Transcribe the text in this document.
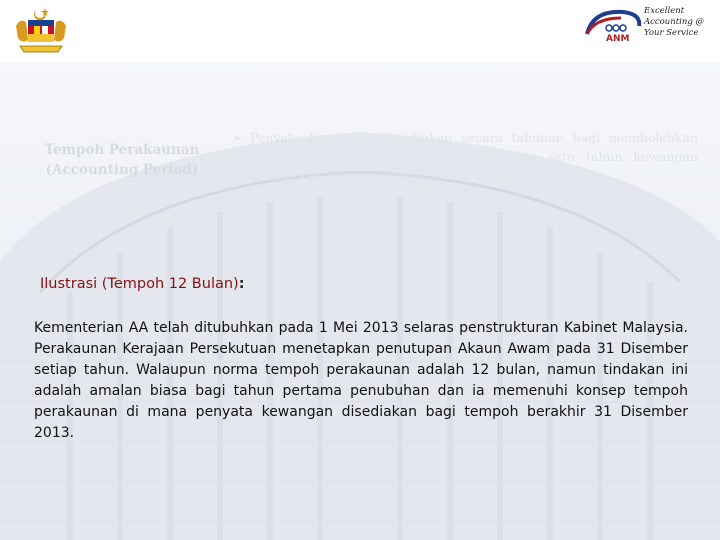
ANM
Excellent
Accounting @
Your Service
Tempoh Perakaunan
(Accounting Period)
➢ Penyata Kewangan disediakan secara tahunan bagi membolehkan prestasi diukur dan dibandingkan antara satu tahun kewangan dengan tahun kewangan yang lain
Ilustrasi (Tempoh 12 Bulan):
Kementerian AA telah ditubuhkan pada 1 Mei 2013 selaras penstrukturan Kabinet Malaysia. Perakaunan Kerajaan Persekutuan menetapkan penutupan Akaun Awam pada 31 Disember setiap tahun. Walaupun norma tempoh perakaunan adalah 12 bulan, namun tindakan ini adalah amalan biasa bagi tahun pertama penubuhan dan ia memenuhi konsep tempoh perakaunan di mana penyata kewangan disediakan bagi tempoh berakhir 31 Disember 2013.
